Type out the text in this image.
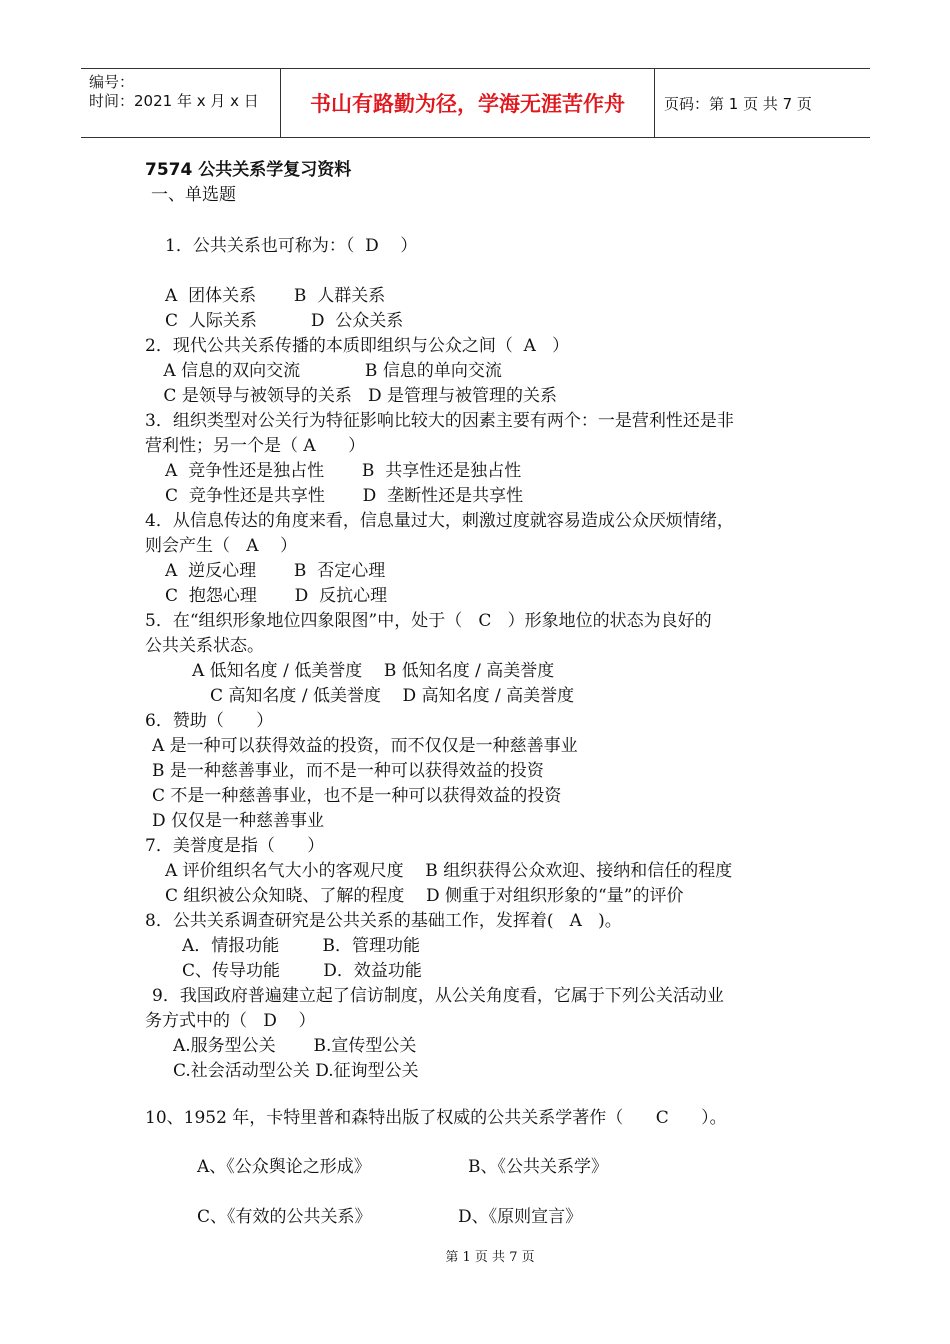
编号：
时间：2021 年 x 月 x 日	书山有路勤为径，学海无涯苦作舟	页码：第 1 页 共 7 页
7574 公共关系学复习资料
一、单选题
1．公共关系也可称为：（  D    ）
A  团体关系       B  人群关系
C  人际关系          D  公众关系
2．现代公共关系传播的本质即组织与公众之间（  A   ）
A 信息的双向交流            B 信息的单向交流
C 是领导与被领导的关系   D 是管理与被管理的关系
3．组织类型对公关行为特征影响比较大的因素主要有两个：一是营利性还是非
营利性；另一个是（ A      ）
A  竞争性还是独占性       B  共享性还是独占性
C  竞争性还是共享性       D  垄断性还是共享性
4．从信息传达的角度来看，信息量过大，刺激过度就容易造成公众厌烦情绪，
则会产生（   A    ）
A  逆反心理       B  否定心理
C  抱怨心理       D  反抗心理
5．在“组织形象地位四象限图”中，处于（   C   ）形象地位的状态为良好的
公共关系状态。
A 低知名度 / 低美誉度    B 低知名度 / 高美誉度
C 高知名度 / 低美誉度    D 高知名度 / 高美誉度
6．赞助（      ）
A 是一种可以获得效益的投资，而不仅仅是一种慈善事业
B 是一种慈善事业，而不是一种可以获得效益的投资
C 不是一种慈善事业，也不是一种可以获得效益的投资
D 仅仅是一种慈善事业
7．美誉度是指（      ）
A 评价组织名气大小的客观尺度    B 组织获得公众欢迎、接纳和信任的程度
C 组织被公众知晓、了解的程度    D 侧重于对组织形象的“量”的评价
8．公共关系调查研究是公共关系的基础工作，发挥着(   A   )。
A．情报功能        B．管理功能
C、传导功能        D．效益功能
9．我国政府普遍建立起了信访制度，从公关角度看，它属于下列公关活动业
务方式中的（   D    ）
A.服务型公关       B.宣传型公关
C.社会活动型公关 D.征询型公关
10、1952 年，卡特里普和森特出版了权威的公共关系学著作（      C      ）。
A、《公众舆论之形成》                  B、《公共关系学》
C、《有效的公共关系》                D、《原则宣言》
第 1 页 共 7 页
